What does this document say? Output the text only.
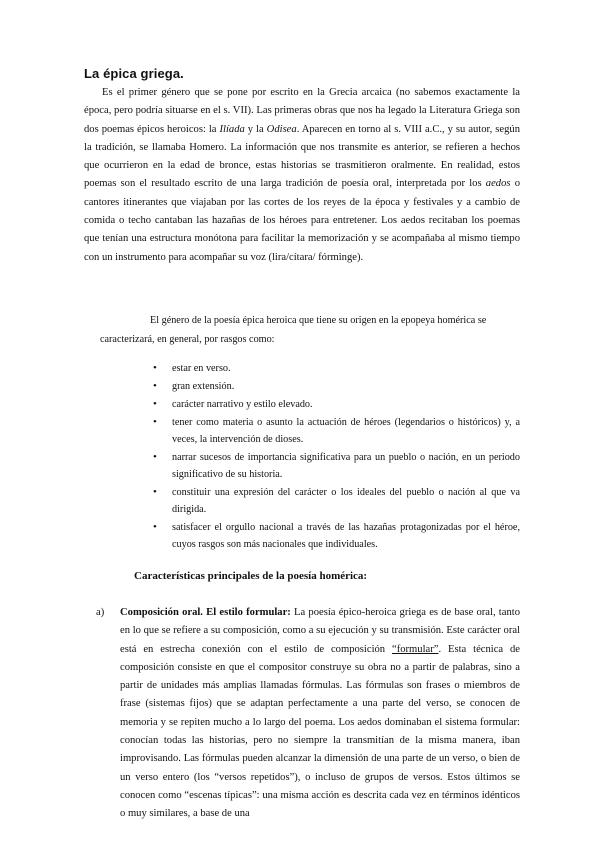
La épica griega.

Es el primer género que se pone por escrito en la Grecia arcaica (no sabemos exactamente la época, pero podría situarse en el s. VII). Las primeras obras que nos ha legado la Literatura Griega son dos poemas épicos heroicos: la Ilíada y la Odisea. Aparecen en torno al s. VIII a.C., y su autor, según la tradición, se llamaba Homero. La información que nos transmite es anterior, se refieren a hechos que ocurrieron en la edad de bronce, estas historias se trasmitieron oralmente. En realidad, estos poemas son el resultado escrito de una larga tradición de poesía oral, interpretada por los aedos o cantores itinerantes que viajaban por las cortes de los reyes de la época y festivales y a cambio de comida o techo cantaban las hazañas de los héroes para entretener. Los aedos recitaban los poemas que tenían una estructura monótona para facilitar la memorización y se acompañaba al mismo tiempo con un instrumento para acompañar su voz (lira/cítara/ fórminge).

El género de la poesía épica heroica que tiene su origen en la epopeya homérica se caracterizará, en general, por rasgos como:

• estar en verso.
• gran extensión.
• carácter narrativo y estilo elevado.
• tener como materia o asunto la actuación de héroes (legendarios o históricos) y, a veces, la intervención de dioses.
• narrar sucesos de importancia significativa para un pueblo o nación, en un periodo significativo de su historia.
• constituir una expresión del carácter o los ideales del pueblo o nación al que va dirigida.
• satisfacer el orgullo nacional a través de las hazañas protagonizadas por el héroe, cuyos rasgos son más nacionales que individuales.
Características principales de la poesía homérica:
a) Composición oral. El estilo formular: La poesía épico-heroica griega es de base oral, tanto en lo que se refiere a su composición, como a su ejecución y su transmisión. Este carácter oral está en estrecha conexión con el estilo de composición “formular”. Esta técnica de composición consiste en que el compositor construye su obra no a partir de palabras, sino a partir de unidades más amplias llamadas fórmulas. Las fórmulas son frases o miembros de frase (sistemas fijos) que se adaptan perfectamente a una parte del verso, se conocen de memoria y se repiten mucho a lo largo del poema. Los aedos dominaban el sistema formular: conocían todas las historias, pero no siempre la transmitían de la misma manera, iban improvisando. Las fórmulas pueden alcanzar la dimensión de una parte de un verso, o bien de un verso entero (los “versos repetidos”), o incluso de grupos de versos. Estos últimos se conocen como “escenas típicas”: una misma acción es descrita cada vez en términos idénticos o muy similares, a base de una
